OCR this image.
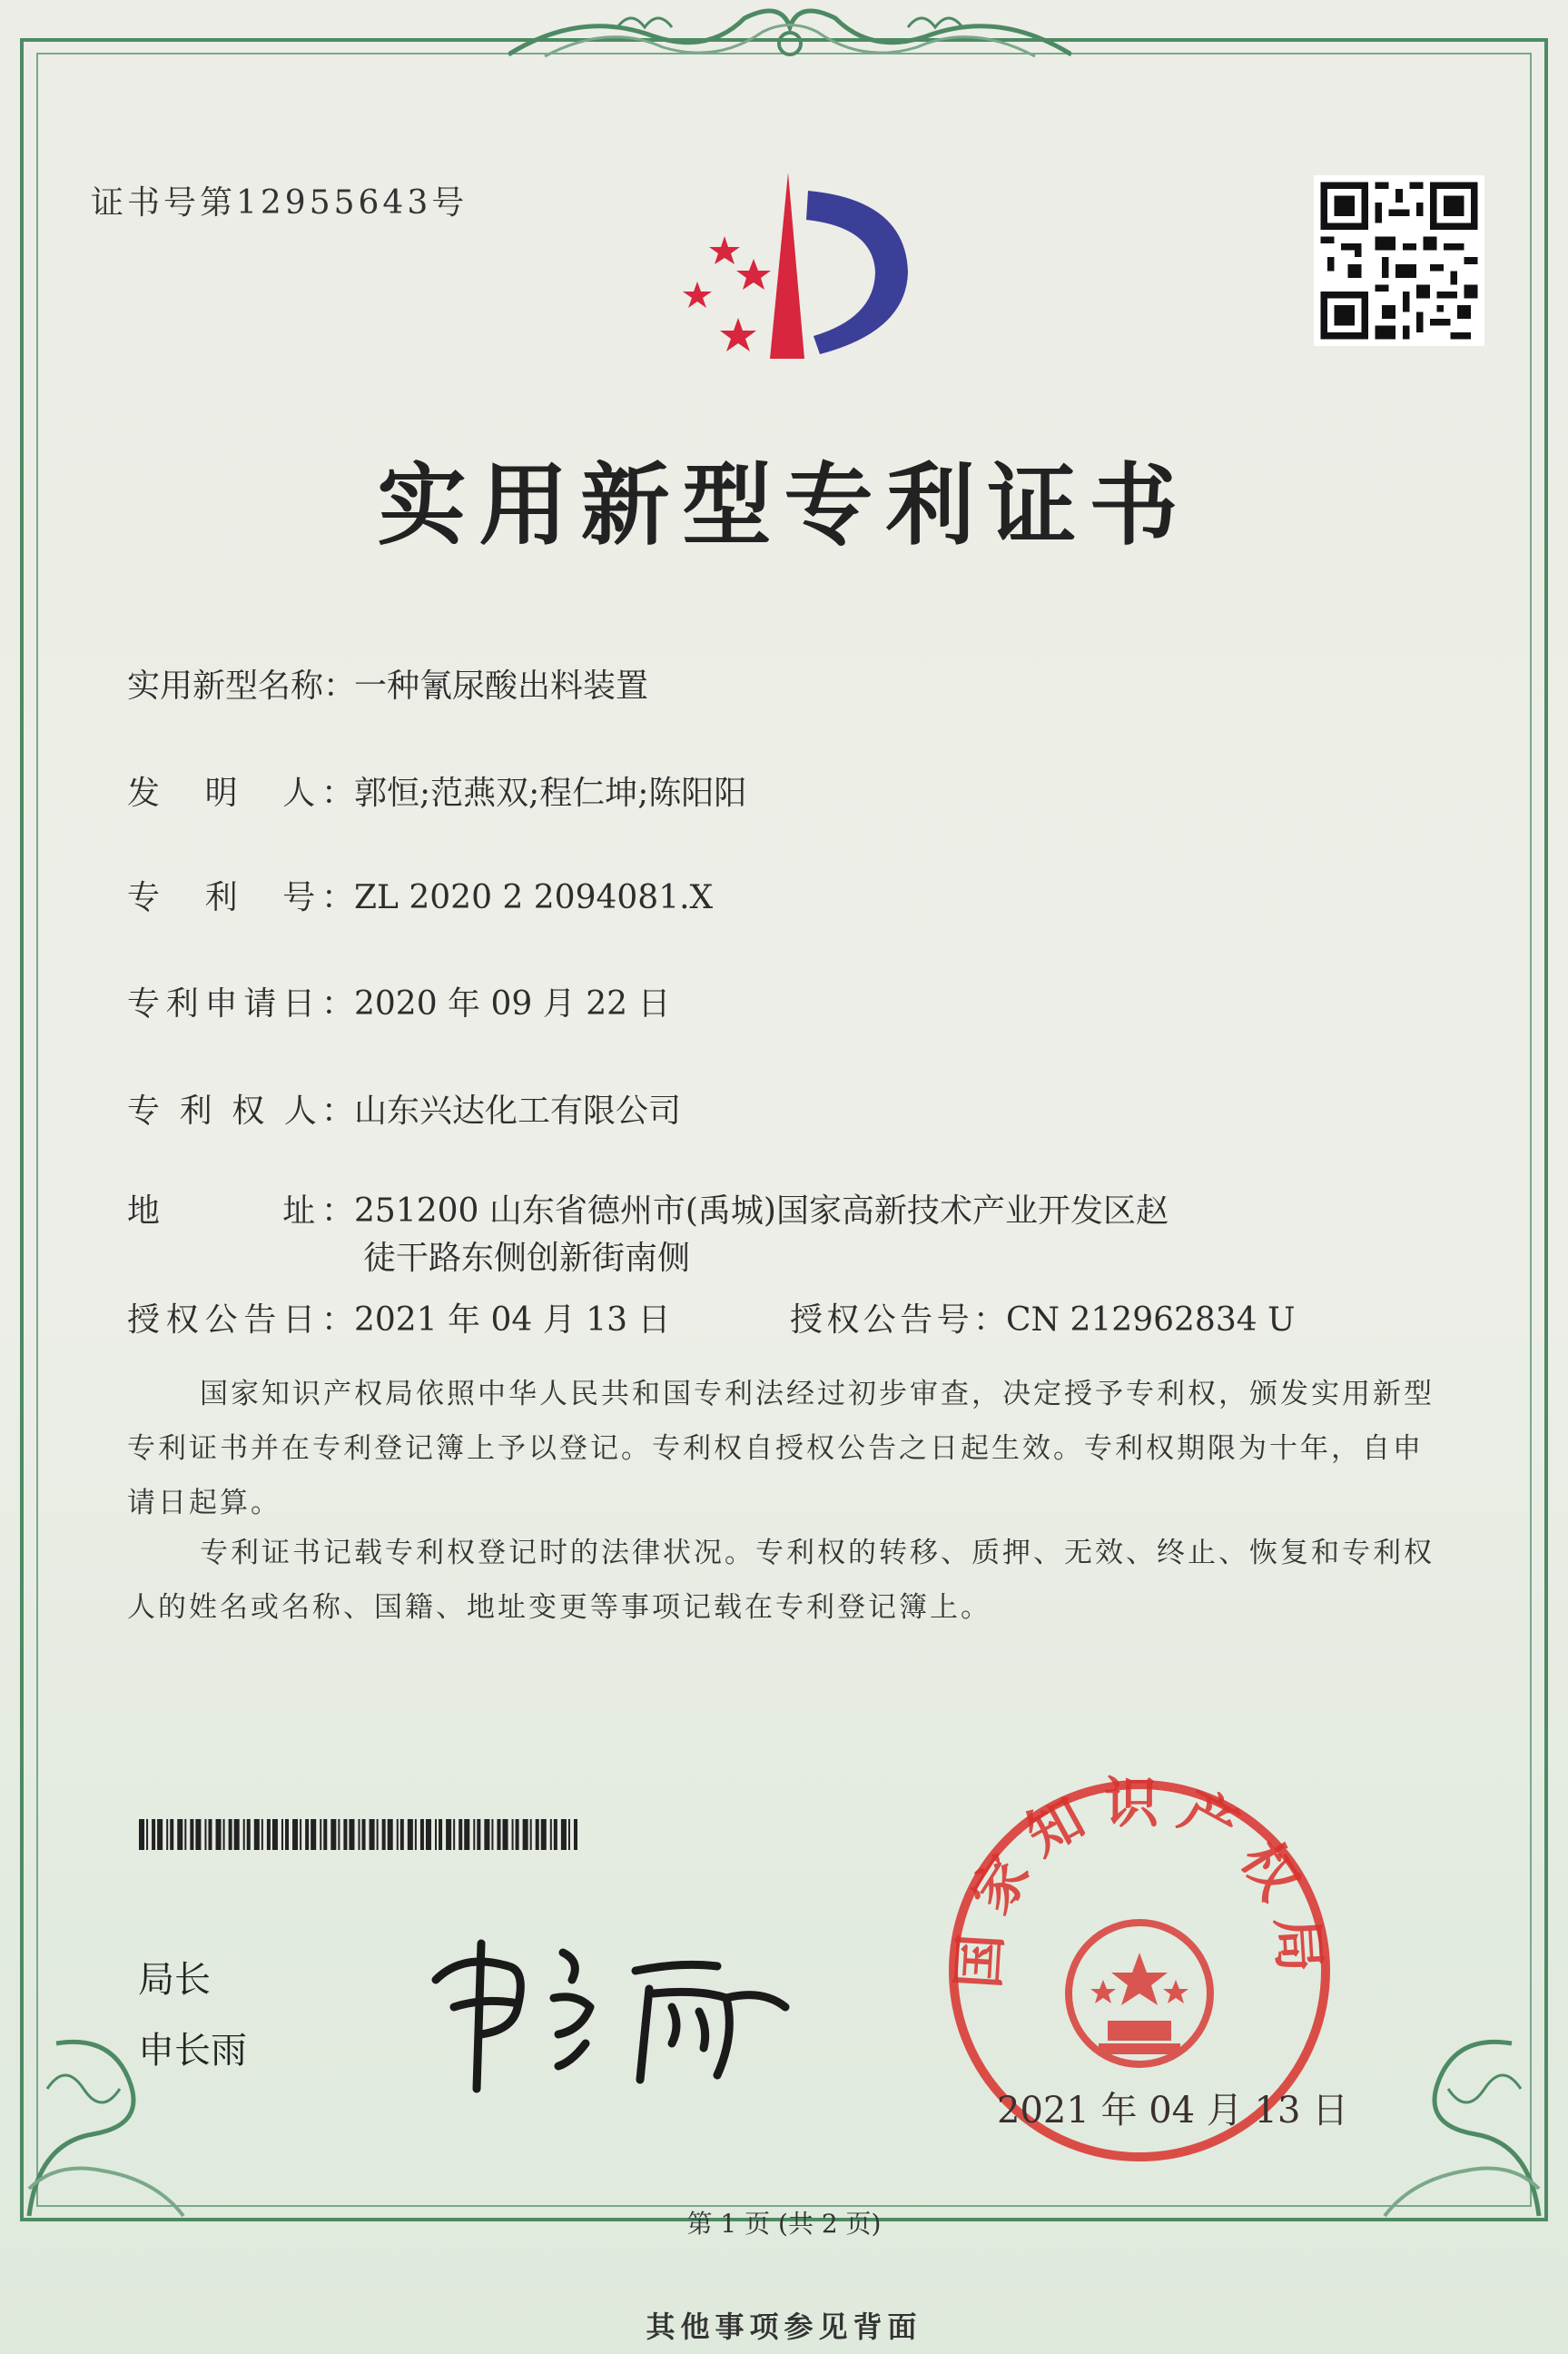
证书号第12955643号
实用新型专利证书
实用新型名称：一种氰尿酸出料装置
发　明　人：郭恒;范燕双;程仁坤;陈阳阳
专　利　号：ZL 2020 2 2094081.X
专利申请日：2020 年 09 月 22 日
专 利 权 人：山东兴达化工有限公司
地　　　址：251200 山东省德州市(禹城)国家高新技术产业开发区赵
徒干路东侧创新街南侧
授权公告日：2021 年 04 月 13 日	授权公告号：CN 212962834 U
国家知识产权局依照中华人民共和国专利法经过初步审查，决定授予专利权，颁发实用新型专利证书并在专利登记簿上予以登记。专利权自授权公告之日起生效。专利权期限为十年，自申请日起算。
专利证书记载专利权登记时的法律状况。专利权的转移、质押、无效、终止、恢复和专利权人的姓名或名称、国籍、地址变更等事项记载在专利登记簿上。
局长
申长雨
国家知识产权局
2021 年 04 月 13 日
第 1 页 (共 2 页)
其他事项参见背面
